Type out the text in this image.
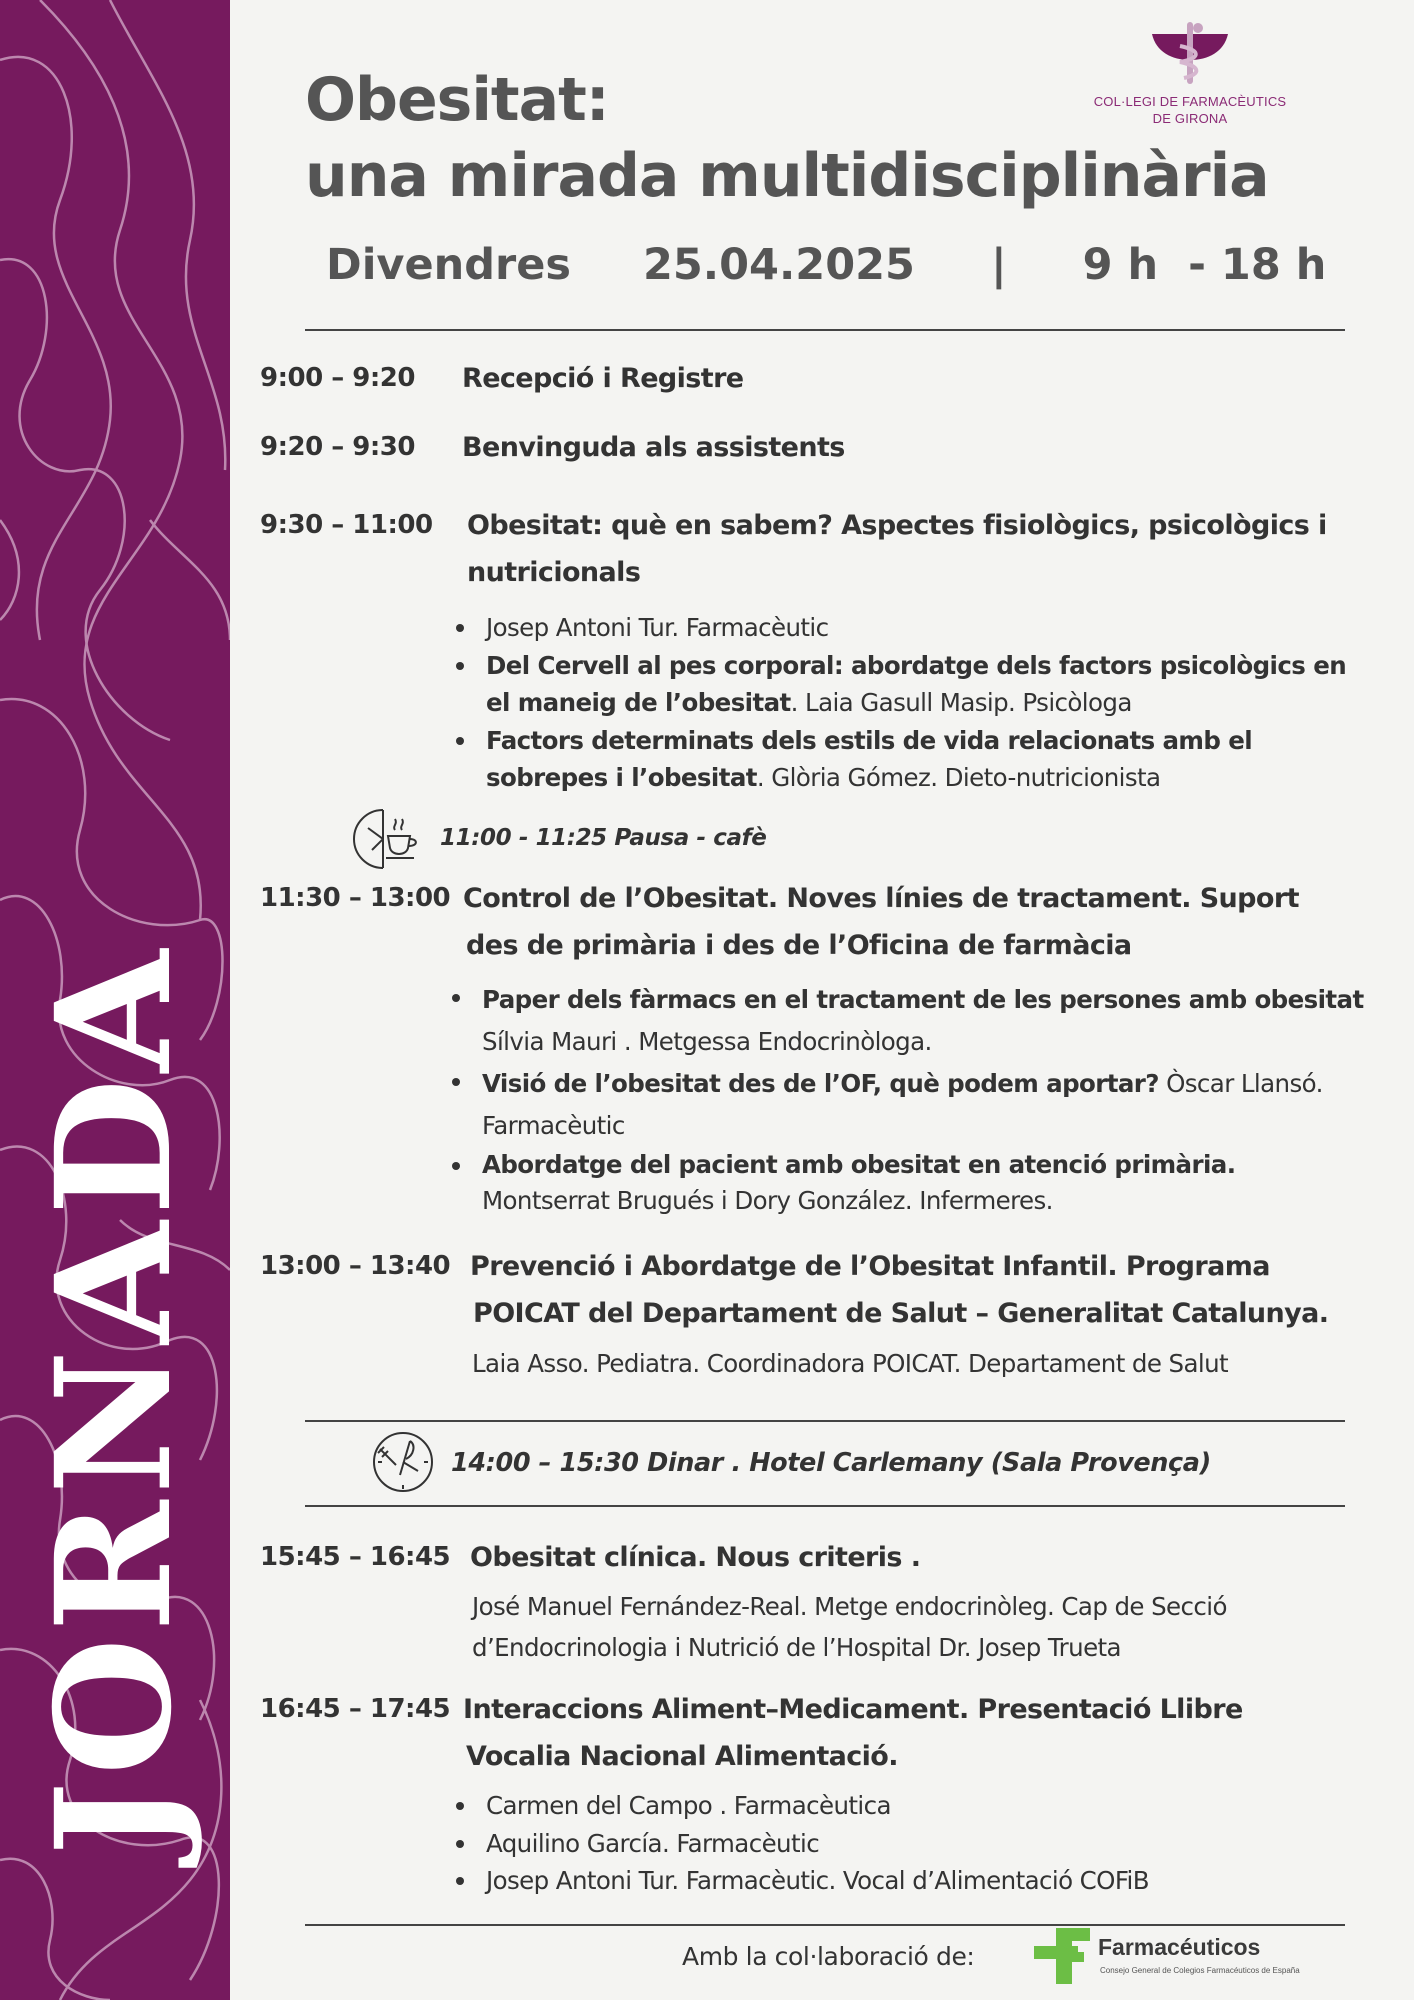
JORNADA
COL·LEGI DE FARMACÈUTICS
DE GIRONA
Obesitat:
una mirada multidisciplinària
Divendres 25.04.2025 | 9 h  - 18 h
9:00 – 9:20 Recepció i Registre
9:20 – 9:30 Benvinguda als assistents
9:30 – 11:00 Obesitat: què en sabem? Aspectes fisiològics, psicològics i
nutricionals
Josep Antoni Tur. Farmacèutic
Del Cervell al pes corporal: abordatge dels factors psicològics en
el maneig de l’obesitat. Laia Gasull Masip. Psicòloga
Factors determinats dels estils de vida relacionats amb el
sobrepes i l’obesitat. Glòria Gómez. Dieto-nutricionista
11:00 - 11:25 Pausa - cafè
11:30 – 13:00 Control de l’Obesitat. Noves línies de tractament. Suport
des de primària i des de l’Oficina de farmàcia
Paper dels fàrmacs en el tractament de les persones amb obesitat
Sílvia Mauri . Metgessa Endocrinòloga.
Visió de l’obesitat des de l’OF, què podem aportar? Òscar Llansó.
Farmacèutic
Abordatge del pacient amb obesitat en atenció primària.
Montserrat Brugués i Dory González. Infermeres.
13:00 – 13:40 Prevenció i Abordatge de l’Obesitat Infantil. Programa
POICAT del Departament de Salut – Generalitat Catalunya.
Laia Asso. Pediatra. Coordinadora POICAT. Departament de Salut
14:00 – 15:30 Dinar . Hotel Carlemany (Sala Provença)
15:45 – 16:45 Obesitat clínica. Nous criteris .
José Manuel Fernández-Real. Metge endocrinòleg. Cap de Secció
d’Endocrinologia i Nutrició de l’Hospital Dr. Josep Trueta
16:45 – 17:45 Interaccions Aliment–Medicament. Presentació Llibre
Vocalia Nacional Alimentació.
Carmen del Campo . Farmacèutica
Aquilino García. Farmacèutic
Josep Antoni Tur. Farmacèutic. Vocal d’Alimentació COFiB
Amb la col·laboració de:	Farmacéuticos
Consejo General de Colegios Farmacéuticos de España
